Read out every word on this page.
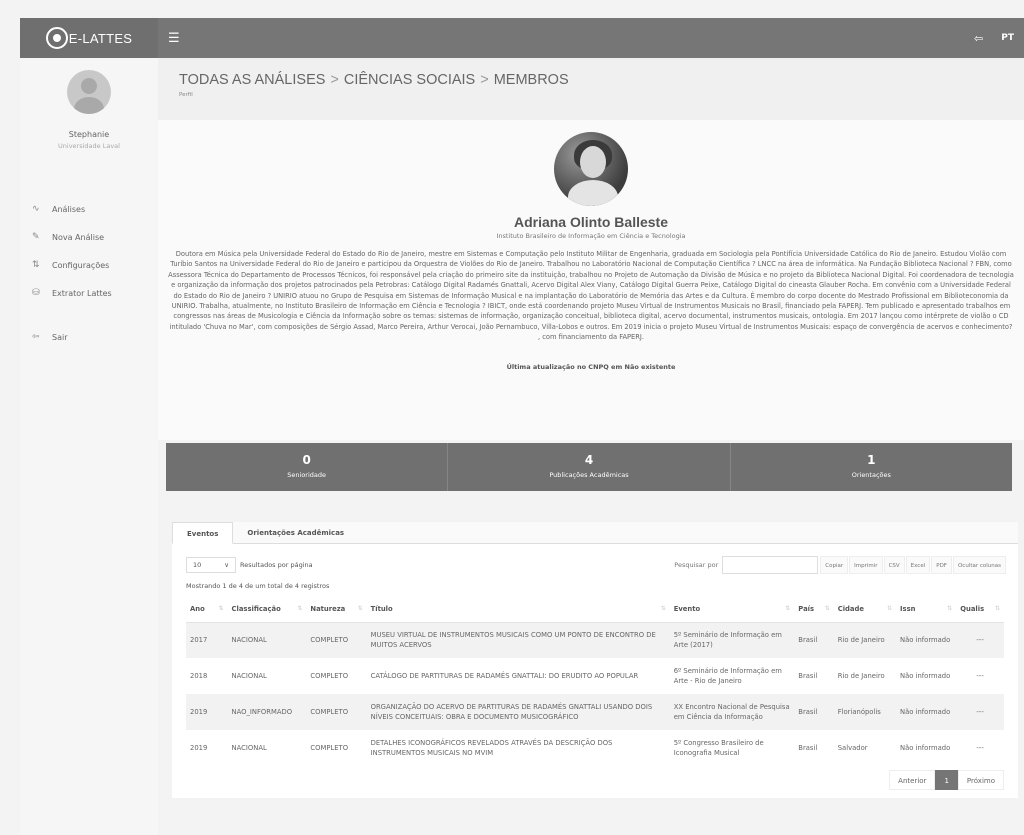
E-LATTES	☰	⇦ PT
Stephanie
Universidade Laval
∿	Análises
✎	Nova Análise
⇅	Configurações
⛁	Extrator Lattes
⇦	Sair
TODAS AS ANÁLISES > CIÊNCIAS SOCIAIS > MEMBROS
Perfil
Adriana Olinto Balleste
Instituto Brasileiro de Informação em Ciência e Tecnologia
Doutora em Música pela Universidade Federal do Estado do Rio de Janeiro, mestre em Sistemas e Computação pelo Instituto Militar de Engenharia, graduada em Sociologia pela Pontifícia Universidade Católica do Rio de Janeiro. Estudou Violão com Turíbio Santos na Universidade Federal do Rio de Janeiro e participou da Orquestra de Violões do Rio de Janeiro. Trabalhou no Laboratório Nacional de Computação Científica ? LNCC na área de informática. Na Fundação Biblioteca Nacional ? FBN, como Assessora Técnica do Departamento de Processos Técnicos, foi responsável pela criação do primeiro site da instituição, trabalhou no Projeto de Automação da Divisão de Música e no projeto da Biblioteca Nacional Digital. Foi coordenadora de tecnologia e organização da informação dos projetos patrocinados pela Petrobras: Catálogo Digital Radamés Gnattali, Acervo Digital Alex Viany, Catálogo Digital Guerra Peixe, Catálogo Digital do cineasta Glauber Rocha. Em convênio com a Universidade Federal do Estado do Rio de Janeiro ? UNIRIO atuou no Grupo de Pesquisa em Sistemas de Informação Musical e na implantação do Laboratório de Memória das Artes e da Cultura. É membro do corpo docente do Mestrado Profissional em Biblioteconomia da UNIRIO. Trabalha, atualmente, no Instituto Brasileiro de Informação em Ciência e Tecnologia ? IBICT, onde está coordenando projeto Museu Virtual de Instrumentos Musicais no Brasil, financiado pela FAPERJ. Tem publicado e apresentado trabalhos em congressos nas áreas de Musicologia e Ciência da Informação sobre os temas: sistemas de informação, organização conceitual, biblioteca digital, acervo documental, instrumentos musicais, ontologia. Em 2017 lançou como intérprete de violão o CD intitulado 'Chuva no Mar', com composições de Sérgio Assad, Marco Pereira, Arthur Verocai, João Pernambuco, Villa-Lobos e outros. Em 2019 inicia o projeto Museu Virtual de Instrumentos Musicais: espaço de convergência de acervos e conhecimento? , com financiamento da FAPERJ.
Última atualização no CNPQ em Não existente
0
Senioridade
4
Publicações Acadêmicas
1
Orientações
Eventos	Orientações Acadêmicas
10	∨ Resultados por página	Pesquisar por	Copiar	Imprimir	CSV	Excel	PDF	Ocultar colunas
Mostrando 1 de 4 de um total de 4 registros
Ano ⇅	Classificação ⇅	Natureza ⇅	Título ⇅	Evento ⇅	País ⇅	Cidade ⇅	Issn ⇅	Qualis ⇅

2017	NACIONAL	COMPLETO	MUSEU VIRTUAL DE INSTRUMENTOS MUSICAIS COMO UM PONTO DE ENCONTRO DE MUITOS ACERVOS	5º Seminário de Informação em Arte (2017)	Brasil	Rio de Janeiro	Não informado	---
2018	NACIONAL	COMPLETO	CATÁLOGO DE PARTITURAS DE RADAMÉS GNATTALI: DO ERUDITO AO POPULAR	6º Seminário de Informação em Arte - Rio de Janeiro	Brasil	Rio de Janeiro	Não informado	---
2019	NAO_INFORMADO	COMPLETO	ORGANIZAÇÃO DO ACERVO DE PARTITURAS DE RADAMÉS GNATTALI USANDO DOIS NÍVEIS CONCEITUAIS: OBRA E DOCUMENTO MUSICOGRÁFICO	XX Encontro Nacional de Pesquisa em Ciência da Informação	Brasil	Florianópolis	Não informado	---
2019	NACIONAL	COMPLETO	DETALHES ICONOGRÁFICOS REVELADOS ATRAVÉS DA DESCRIÇÃO DOS INSTRUMENTOS MUSICAIS NO MVIM	5º Congresso Brasileiro de Iconografia Musical	Brasil	Salvador	Não informado	---
Anterior	1	Próximo
